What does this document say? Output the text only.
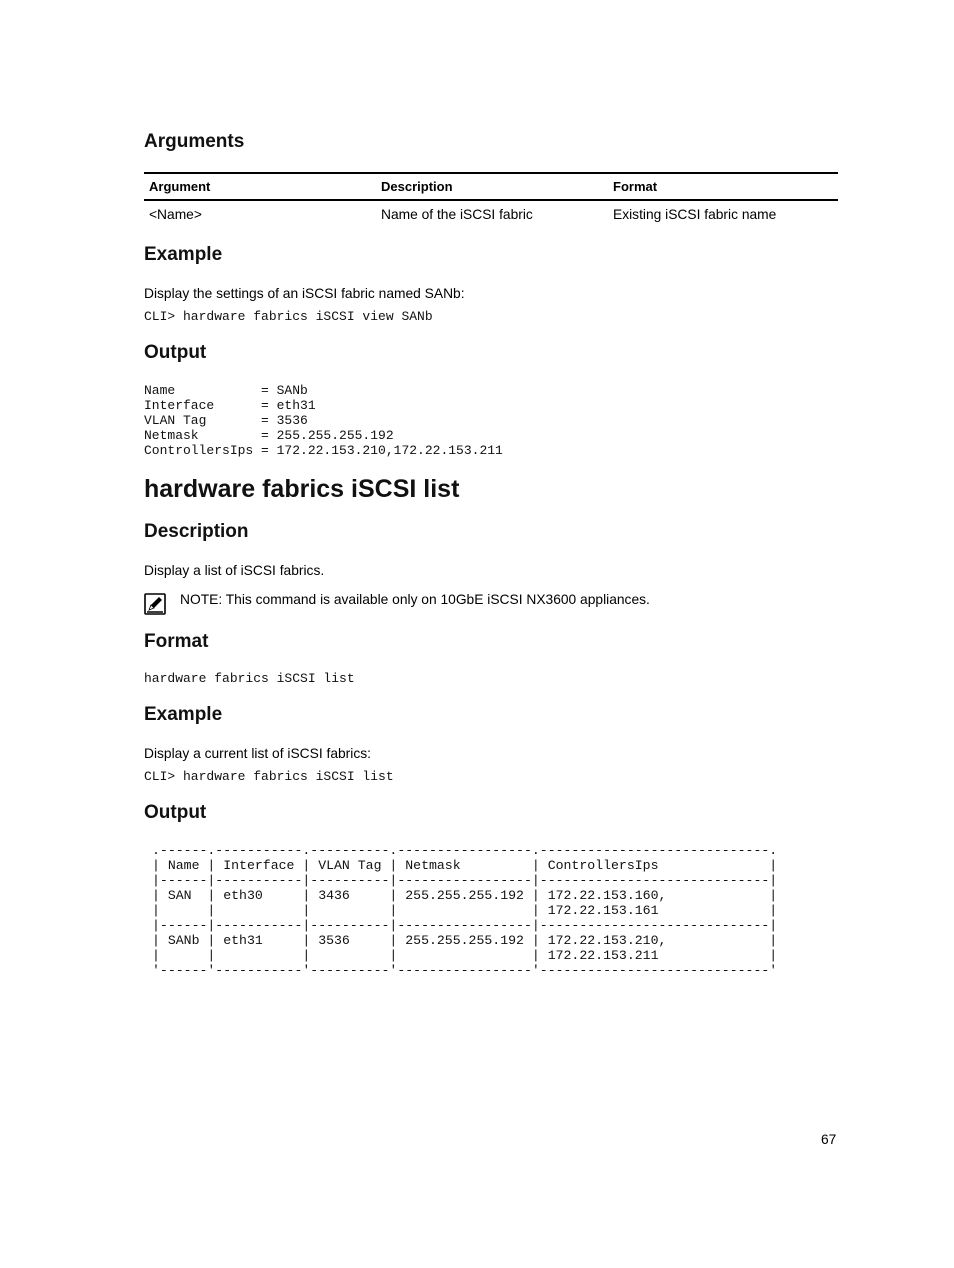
Arguments
Argument	Description	Format
<Name>	Name of the iSCSI fabric	Existing iSCSI fabric name
Example
Display the settings of an iSCSI fabric named SANb:
CLI> hardware fabrics iSCSI view SANb
Output
Name           = SANb
Interface      = eth31
VLAN Tag       = 3536
Netmask        = 255.255.255.192
ControllersIps = 172.22.153.210,172.22.153.211
hardware fabrics iSCSI list
Description
Display a list of iSCSI fabrics.
NOTE: This command is available only on 10GbE iSCSI NX3600 appliances.
Format
hardware fabrics iSCSI list
Example
Display a current list of iSCSI fabrics:
CLI> hardware fabrics iSCSI list
Output
.------.-----------.----------.-----------------.-----------------------------.
| Name | Interface | VLAN Tag | Netmask         | ControllersIps              |
|------|-----------|----------|-----------------|-----------------------------|
| SAN  | eth30     | 3436     | 255.255.255.192 | 172.22.153.160,             |
|      |           |          |                 | 172.22.153.161              |
|------|-----------|----------|-----------------|-----------------------------|
| SANb | eth31     | 3536     | 255.255.255.192 | 172.22.153.210,             |
|      |           |          |                 | 172.22.153.211              |
'------'-----------'----------'-----------------'-----------------------------'
67
